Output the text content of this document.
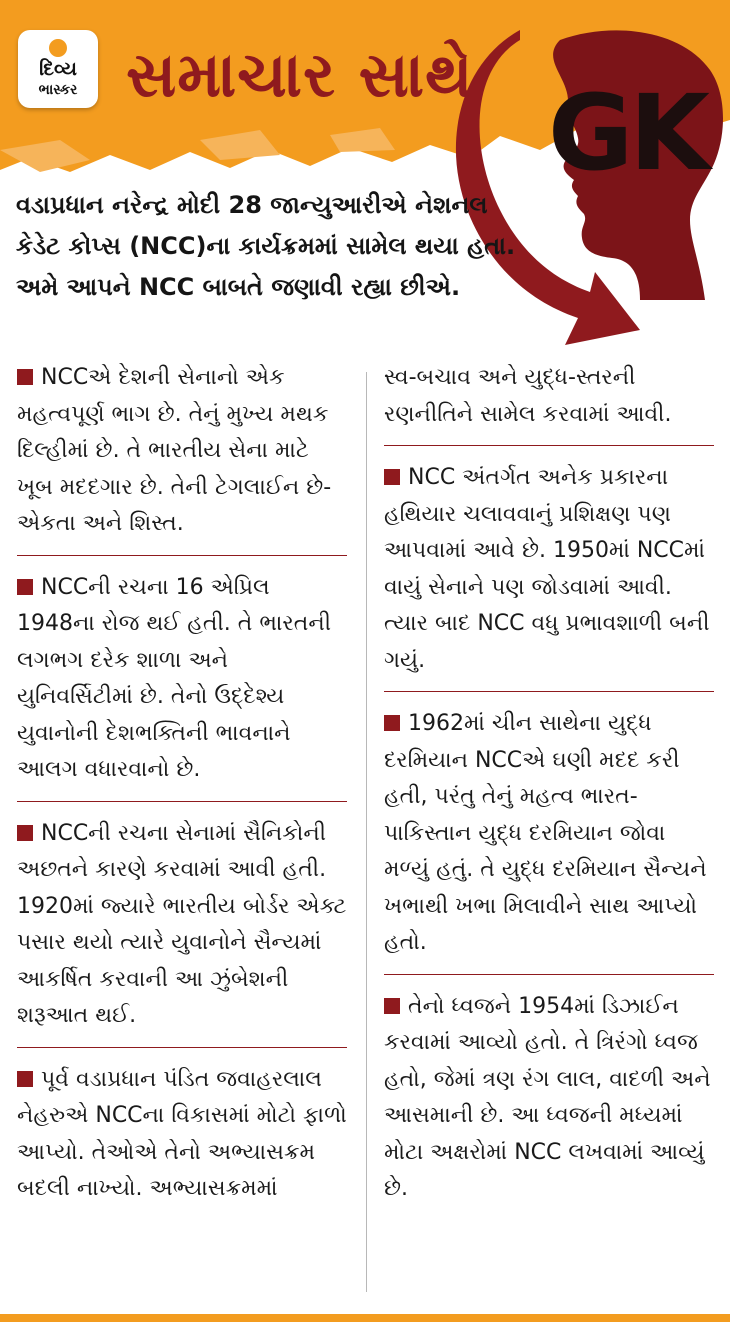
દિવ્ય
ભાસ્કર સમાચાર સાથે GK
વડાપ્રધાન નરેન્દ્ર મોદી 28 જાન્યુઆરીએ નેશનલ કેડેટ કોપ્સ (NCC)ના કાર્યક્રમમાં સામેલ થયા હતા. અમે આપને NCC બાબતે જણાવી રહ્યા છીએ.
NCCએ દેશની સેનાનો એક મહત્વપૂર્ણ ભાગ છે. તેનું મુખ્ય મથક દિલ્હીમાં છે. તે ભારતીય સેના માટે ખૂબ મદદગાર છે. તેની ટેગલાઈન છે- એકતા અને શિસ્ત.
NCCની રચના 16 એપ્રિલ 1948ના રોજ થઈ હતી. તે ભારતની લગભગ દરેક શાળા અને યુનિવર્સિટીમાં છે. તેનો ઉદ્દેશ્ય યુવાનોની દેશભક્તિની ભાવનાને આલગ વધારવાનો છે.
NCCની રચના સેનામાં સૈનિકોની અછતને કારણે કરવામાં આવી હતી. 1920માં જ્યારે ભારતીય બોર્ડર એક્ટ પસાર થયો ત્યારે યુવાનોને સૈન્યમાં આકર્ષિત કરવાની આ ઝુંબેશની શરૂઆત થઈ.
પૂર્વ વડાપ્રધાન પંડિત જવાહરલાલ નેહરુએ NCCના વિકાસમાં મોટો ફાળો આપ્યો. તેઓએ તેનો અભ્યાસક્રમ બદલી નાખ્યો. અભ્યાસક્રમમાં
સ્વ-બચાવ અને યુદ્ધ-સ્તરની રણનીતિને સામેલ કરવામાં આવી.
NCC અંતર્ગત અનેક પ્રકારના હથિયાર ચલાવવાનું પ્રશિક્ષણ પણ આપવામાં આવે છે. 1950માં NCCમાં વાયું સેનાને પણ જોડવામાં આવી. ત્યાર બાદ NCC વધુ પ્રભાવશાળી બની ગયું.
1962માં ચીન સાથેના યુદ્ધ દરમિયાન NCCએ ઘણી મદદ કરી હતી, પરંતુ તેનું મહત્વ ભારત-પાકિસ્તાન યુદ્ધ દરમિયાન જોવા મળ્યું હતું. તે યુદ્ધ દરમિયાન સૈન્યને ખભાથી ખભા મિલાવીને સાથ આપ્યો હતો.
તેનો ધ્વજને 1954માં ડિઝાઈન કરવામાં આવ્યો હતો. તે ત્રિરંગો ધ્વજ હતો, જેમાં ત્રણ રંગ લાલ, વાદળી અને આસમાની છે. આ ધ્વજની મધ્યમાં મોટા અક્ષરોમાં NCC લખવામાં આવ્યું છે.
